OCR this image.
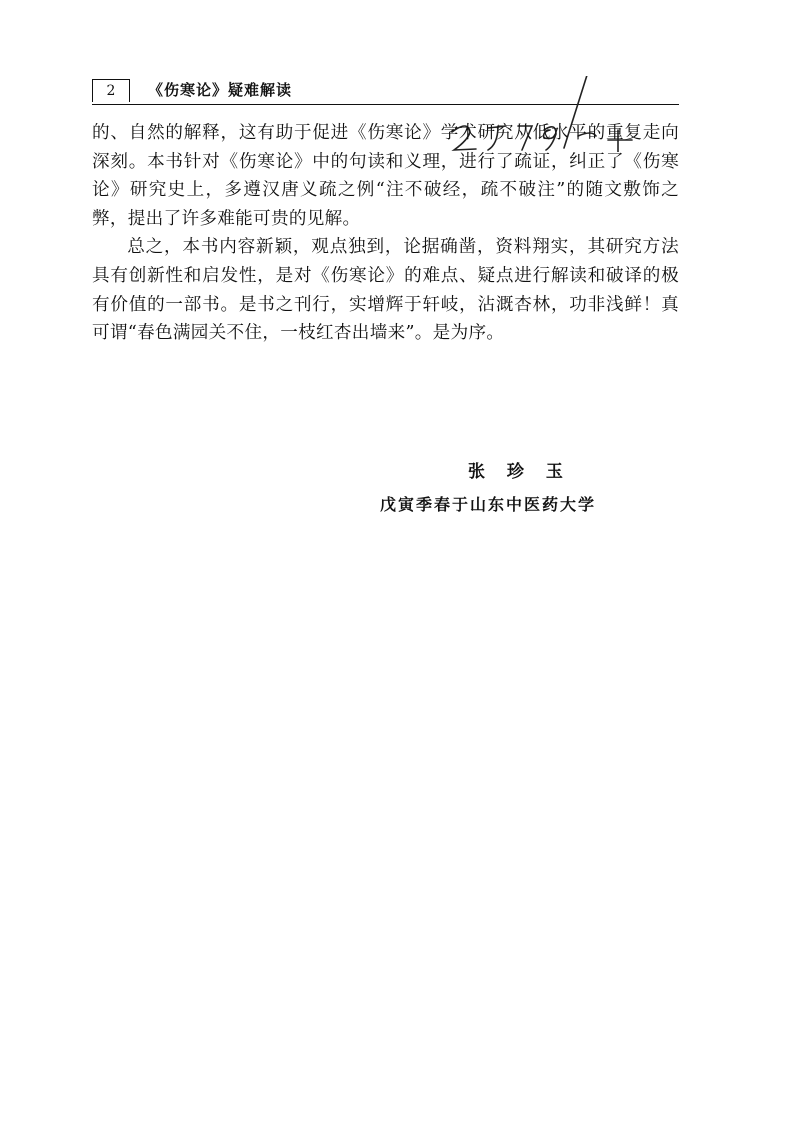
2	《伤寒论》疑难解读

的、自然的解释，这有助于促进《伤寒论》学术研究从低水平的重复走向深刻。本书针对《伤寒论》中的句读和义理，进行了疏证，纠正了《伤寒论》研究史上，多遵汉唐义疏之例“注不破经，疏不破注”的随文敷饰之弊，提出了许多难能可贵的见解。

总之，本书内容新颖，观点独到，论据确凿，资料翔实，其研究方法具有创新性和启发性，是对《伤寒论》的难点、疑点进行解读和破译的极有价值的一部书。是书之刊行，实增辉于轩岐，沾溉杏林，功非浅鲜！真可谓“春色满园关不住，一枝红杏出墙来”。是为序。

张 珍 玉
戊寅季春于山东中医药大学
